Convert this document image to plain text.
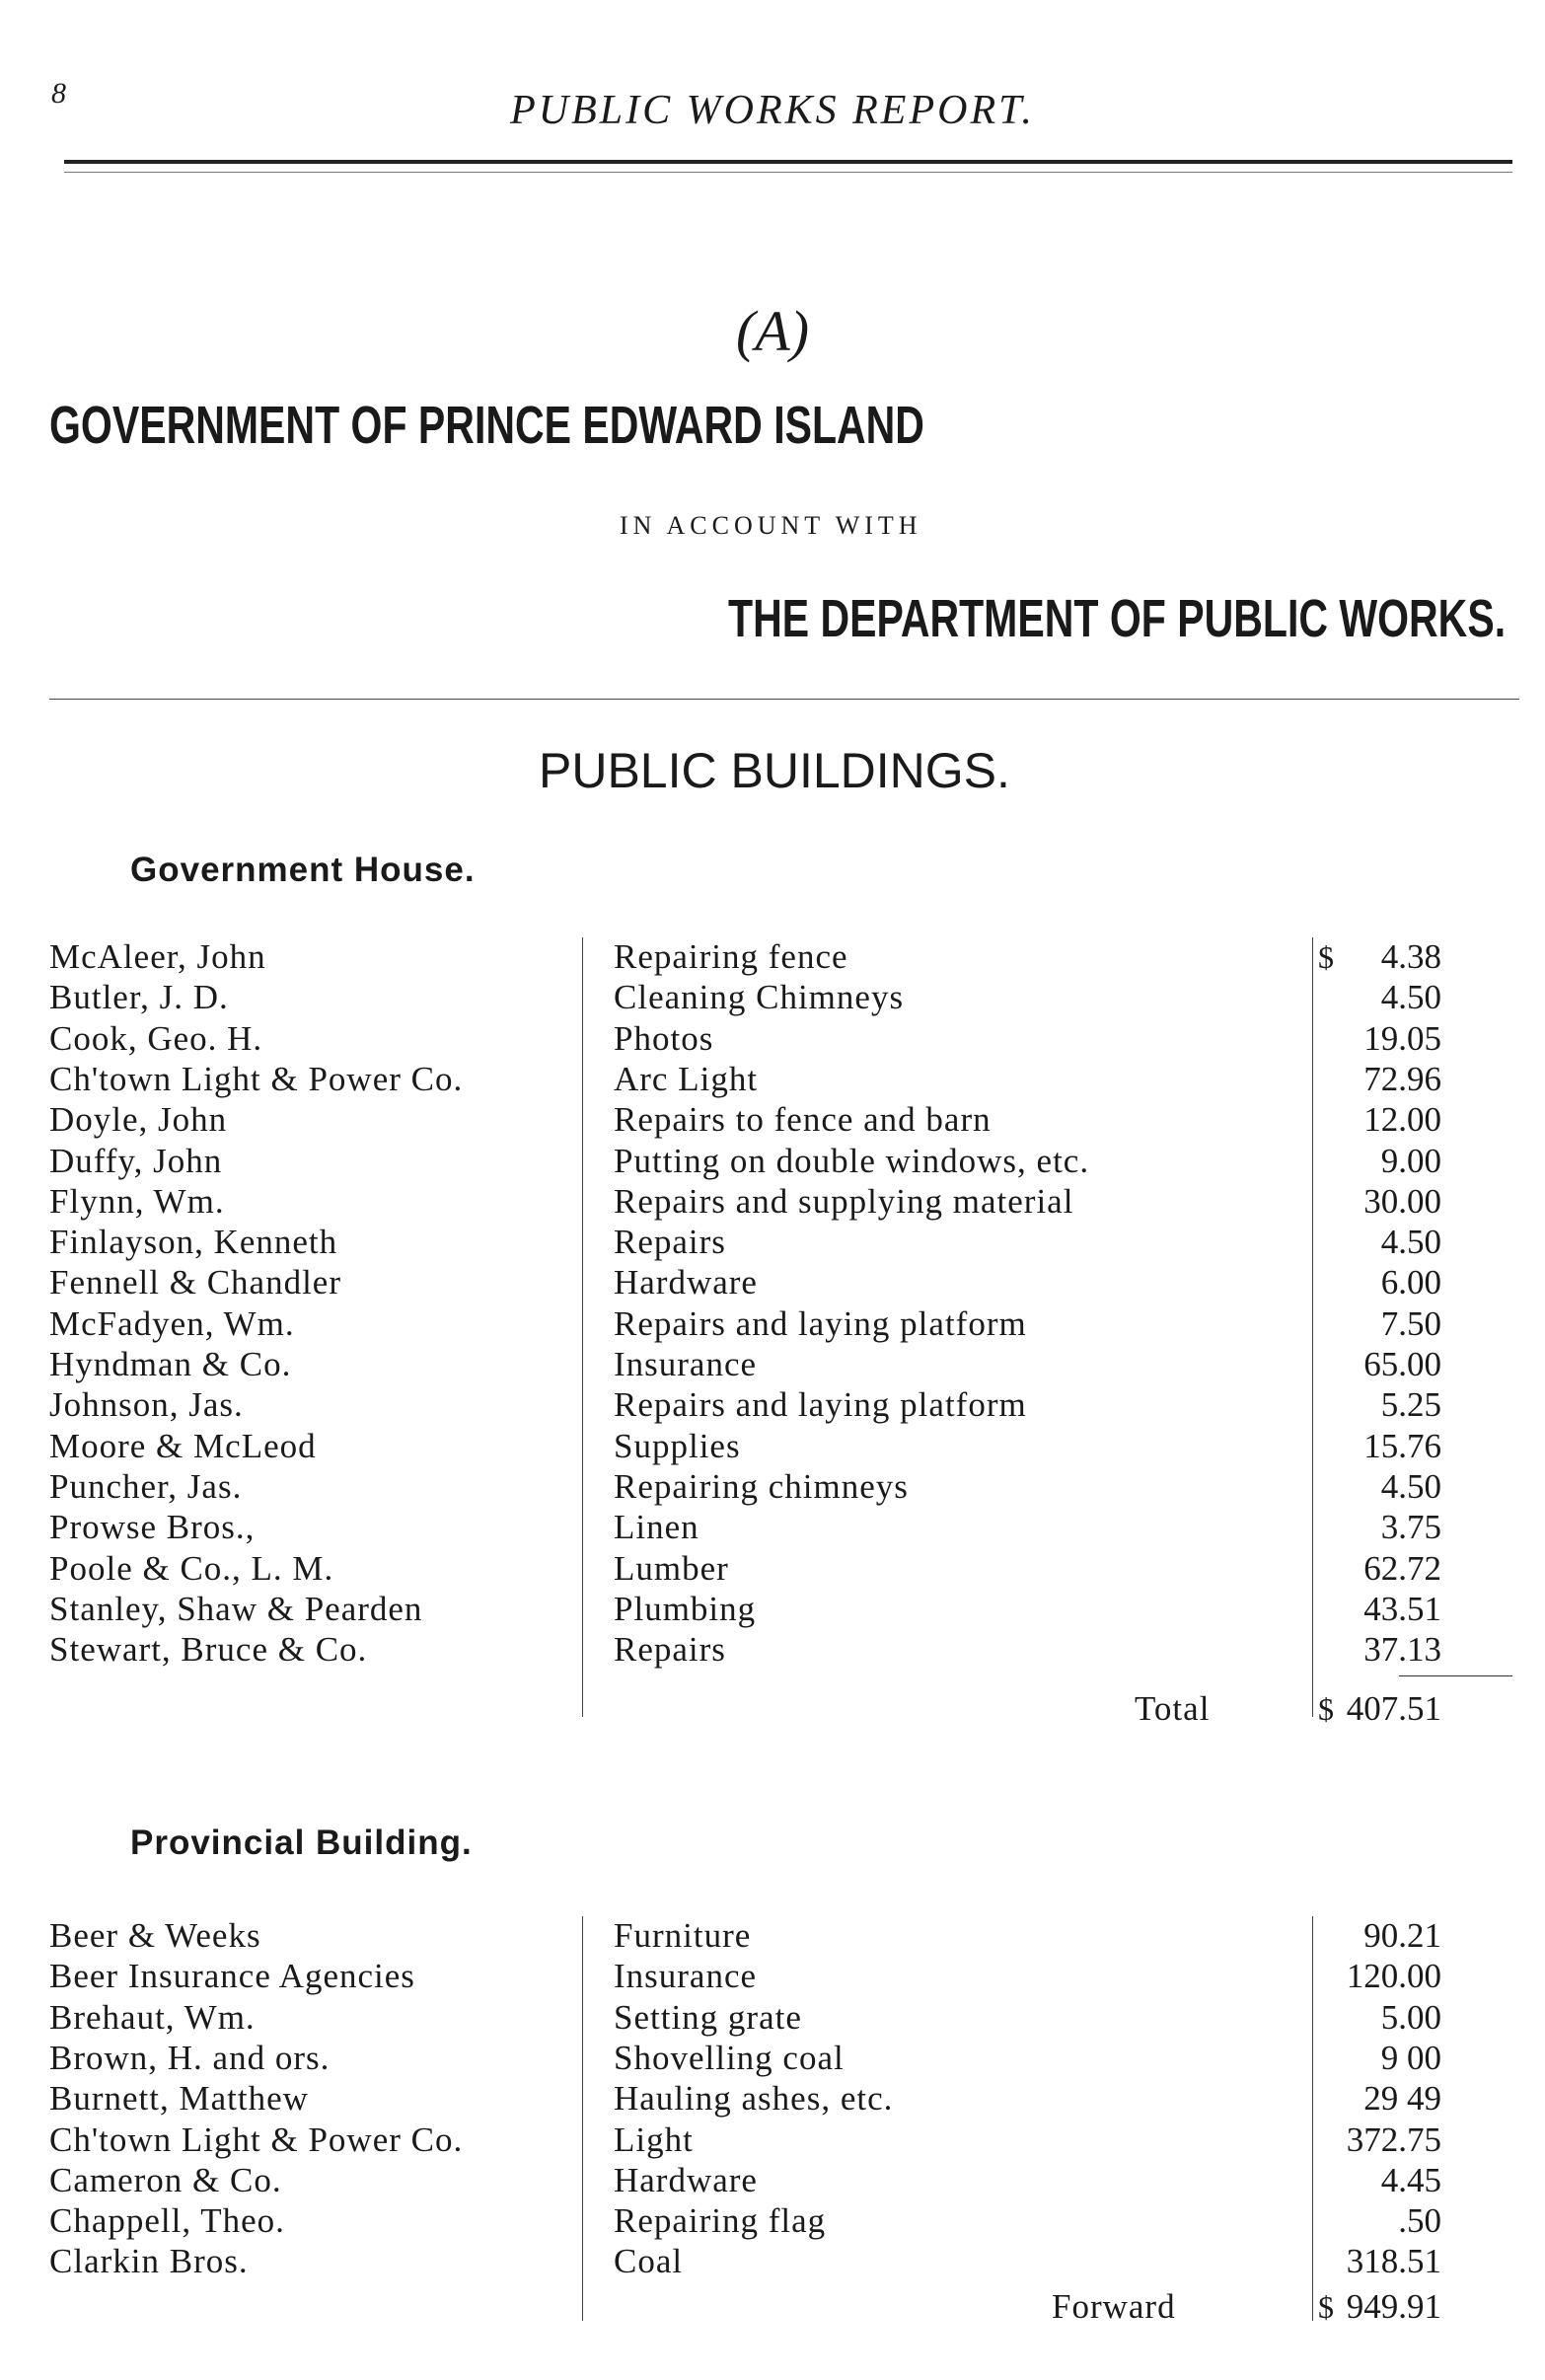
8	PUBLIC WORKS REPORT.
(A)
GOVERNMENT OF PRINCE EDWARD ISLAND
IN ACCOUNT WITH
THE DEPARTMENT OF PUBLIC WORKS.
PUBLIC BUILDINGS.
Government House.
$
McAleer, John	Repairing fence	4.38
Butler, J. D.	Cleaning Chimneys	4.50
Cook, Geo. H.	Photos	19.05
Ch'town Light & Power Co.	Arc Light	72.96
Doyle, John	Repairs to fence and barn	12.00
Duffy, John	Putting on double windows, etc.	9.00
Flynn, Wm.	Repairs and supplying material	30.00
Finlayson, Kenneth	Repairs	4.50
Fennell & Chandler	Hardware	6.00
McFadyen, Wm.	Repairs and laying platform	7.50
Hyndman & Co.	Insurance	65.00
Johnson, Jas.	Repairs and laying platform	5.25
Moore & McLeod	Supplies	15.76
Puncher, Jas.	Repairing chimneys	4.50
Prowse Bros.,	Linen	3.75
Poole & Co., L. M.	Lumber	62.72
Stanley, Shaw & Pearden	Plumbing	43.51
Stewart, Bruce & Co.	Repairs	37.13
Total	$ 407.51
Provincial Building.
Beer & Weeks	Furniture	90.21
Beer Insurance Agencies	Insurance	120.00
Brehaut, Wm.	Setting grate	5.00
Brown, H. and ors.	Shovelling coal	9 00
Burnett, Matthew	Hauling ashes, etc.	29 49
Ch'town Light & Power Co.	Light	372.75
Cameron & Co.	Hardware	4.45
Chappell, Theo.	Repairing flag	.50
Clarkin Bros.	Coal	318.51
Forward	$ 949.91
